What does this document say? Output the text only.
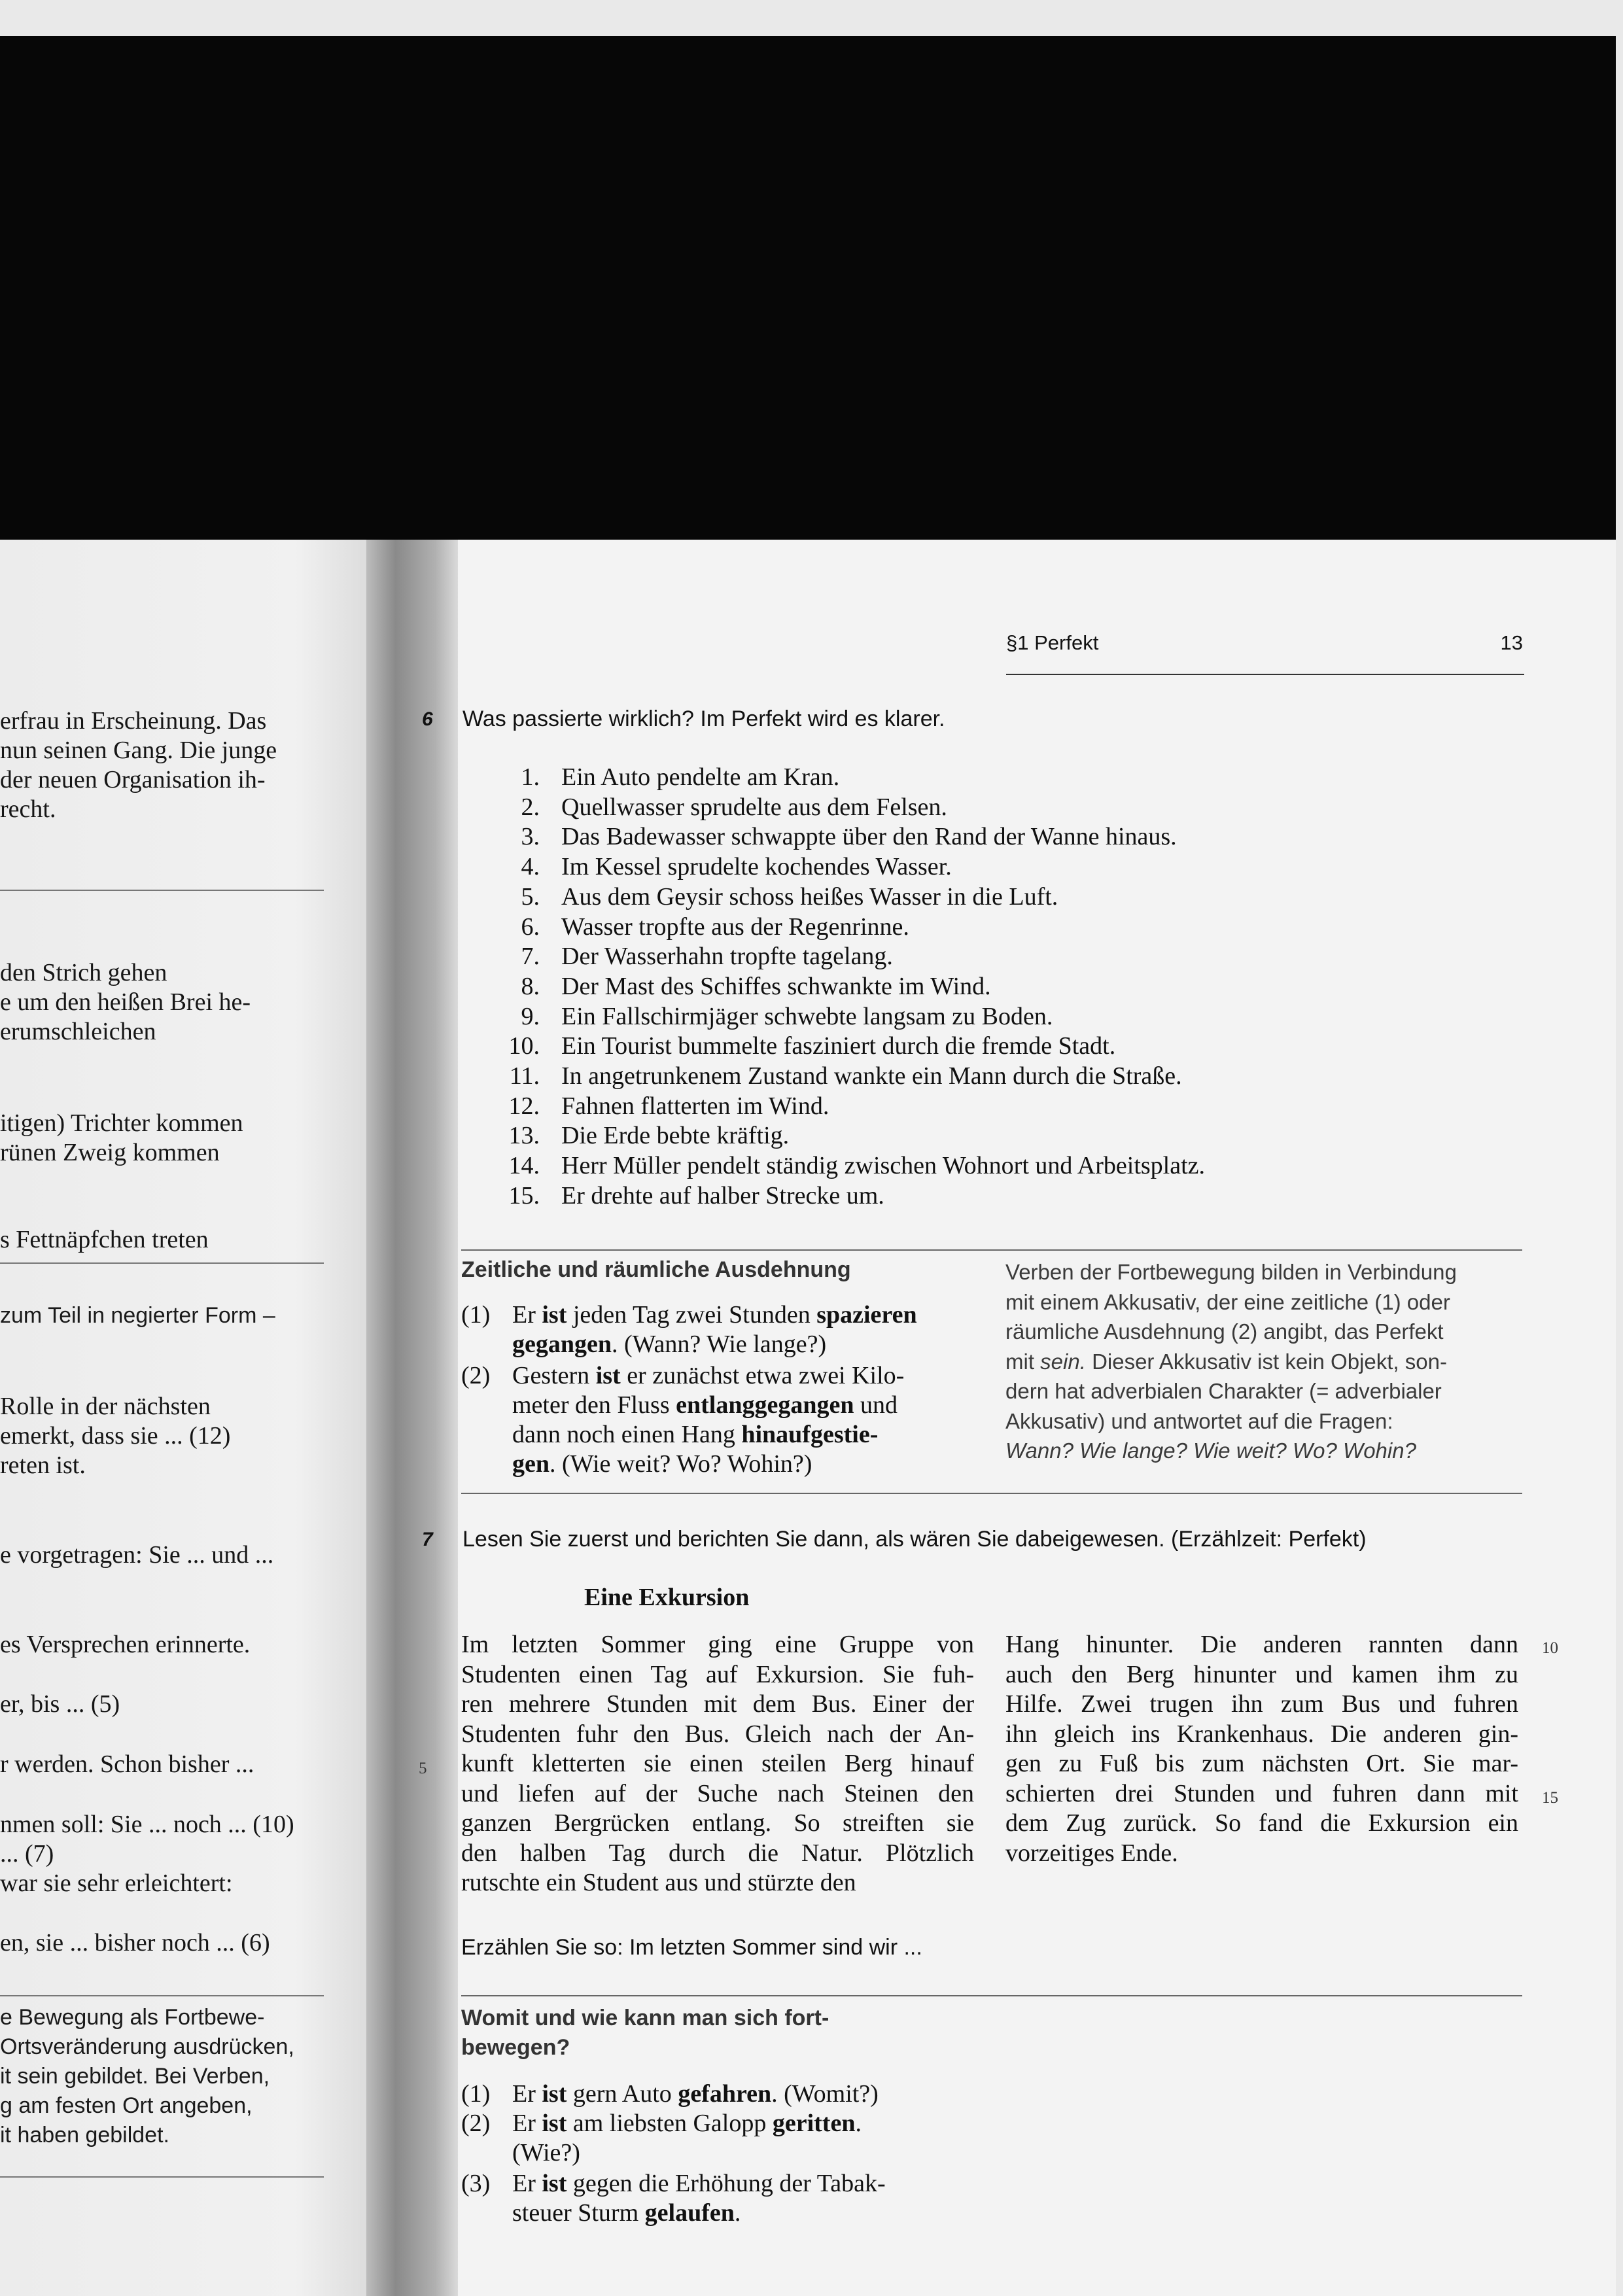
erfrau in Erscheinung. Das
nun seinen Gang. Die junge
der neuen Organisation ih-
recht.
den Strich gehen
e um den heißen Brei he-
erumschleichen
itigen) Trichter kommen
rünen Zweig kommen
s Fettnäpfchen treten
Rolle in der nächsten
emerkt, dass sie ... (12)
reten ist.
e vorgetragen: Sie ... und ...
es Versprechen erinnerte.
er, bis ... (5)
r werden. Schon bisher ...
nmen soll: Sie ... noch ... (10)
... (7)
war sie sehr erleichtert:
en, sie ... bisher noch ... (6)
zum Teil in negierter Form –
e Bewegung als Fortbewe-
Ortsveränderung ausdrücken,
it sein gebildet. Bei Verben,
g am festen Ort angeben,
it haben gebildet.
§1 Perfekt	13
6 Was passierte wirklich? Im Perfekt wird es klarer.
1. Ein Auto pendelte am Kran.
2. Quellwasser sprudelte aus dem Felsen.
3. Das Badewasser schwappte über den Rand der Wanne hinaus.
4. Im Kessel sprudelte kochendes Wasser.
5. Aus dem Geysir schoss heißes Wasser in die Luft.
6. Wasser tropfte aus der Regenrinne.
7. Der Wasserhahn tropfte tagelang.
8. Der Mast des Schiffes schwankte im Wind.
9. Ein Fallschirmjäger schwebte langsam zu Boden.
10. Ein Tourist bummelte fasziniert durch die fremde Stadt.
11. In angetrunkenem Zustand wankte ein Mann durch die Straße.
12. Fahnen flatterten im Wind.
13. Die Erde bebte kräftig.
14. Herr Müller pendelt ständig zwischen Wohnort und Arbeitsplatz.
15. Er drehte auf halber Strecke um.
Zeitliche und räumliche Ausdehnung
(1) Er ist jeden Tag zwei Stunden spazieren
gegangen. (Wann? Wie lange?)
(2) Gestern ist er zunächst etwa zwei Kilo-
meter den Fluss entlanggegangen und
dann noch einen Hang hinaufgestie-
gen. (Wie weit? Wo? Wohin?)
Verben der Fortbewegung bilden in Verbindung
mit einem Akkusativ, der eine zeitliche (1) oder
räumliche Ausdehnung (2) angibt, das Perfekt
mit sein. Dieser Akkusativ ist kein Objekt, son-
dern hat adverbialen Charakter (= adverbialer
Akkusativ) und antwortet auf die Fragen:
Wann? Wie lange? Wie weit? Wo? Wohin?
7 Lesen Sie zuerst und berichten Sie dann, als wären Sie dabeigewesen. (Erzählzeit: Perfekt)
Eine Exkursion
Im letzten Sommer ging eine Gruppe von
Studenten einen Tag auf Exkursion. Sie fuh-
ren mehrere Stunden mit dem Bus. Einer der
Studenten fuhr den Bus. Gleich nach der An-
kunft kletterten sie einen steilen Berg hinauf
und liefen auf der Suche nach Steinen den
ganzen Bergrücken entlang. So streiften sie
den halben Tag durch die Natur. Plötzlich
rutschte ein Student aus und stürzte den
Hang hinunter. Die anderen rannten dann
auch den Berg hinunter und kamen ihm zu
Hilfe. Zwei trugen ihn zum Bus und fuhren
ihn gleich ins Krankenhaus. Die anderen gin-
gen zu Fuß bis zum nächsten Ort. Sie mar-
schierten drei Stunden und fuhren dann mit
dem Zug zurück. So fand die Exkursion ein
vorzeitiges Ende.
5
10
15
Erzählen Sie so: Im letzten Sommer sind wir ...
Womit und wie kann man sich fort-
bewegen?
(1) Er ist gern Auto gefahren. (Womit?)
(2) Er ist am liebsten Galopp geritten.
(Wie?)
(3) Er ist gegen die Erhöhung der Tabak-
steuer Sturm gelaufen.
